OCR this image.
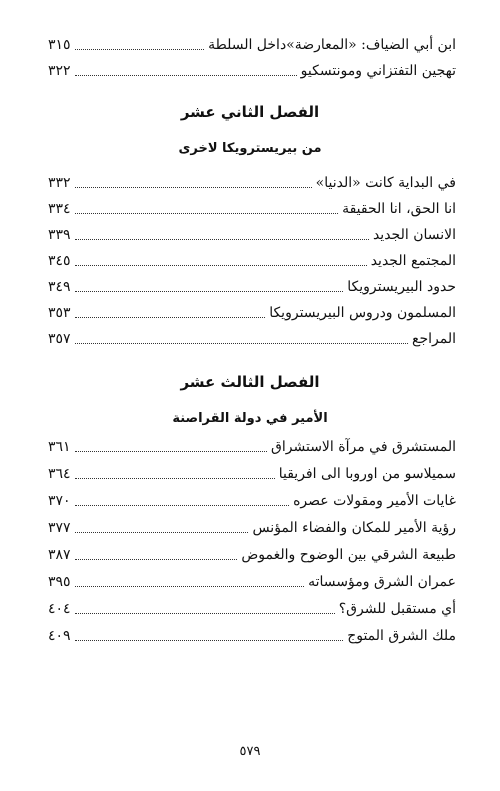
ابن أبي الضياف: «المعارضة»داخل السلطة
٣١٥
تهجين التفتزاني ومونتسكيو
٣٢٢
الفصل الثاني عشر
من بيريسترويكا لاخرى
في البداية كانت «الدنيا»
٣٣٢
انا الحق، انا الحقيقة
٣٣٤
الانسان الجديد
٣٣٩
المجتمع الجديد
٣٤٥
حدود البيريسترويكا
٣٤٩
المسلمون ودروس البيريسترويكا
٣٥٣
المراجع
٣٥٧
الفصل الثالث عشر
الأمير في دولة القراصنة
المستشرق في مرآة الاستشراق
٣٦١
سميلاسو من اوروبا الى افريقيا
٣٦٤
غايات الأمير ومقولات عصره
٣٧٠
رؤية الأمير للمكان والفضاء المؤنس
٣٧٧
طبيعة الشرقي بين الوضوح والغموض
٣٨٧
عمران الشرق ومؤسساته
٣٩٥
أي مستقبل للشرق؟
٤٠٤
ملك الشرق المتوج
٤٠٩
٥٧٩
